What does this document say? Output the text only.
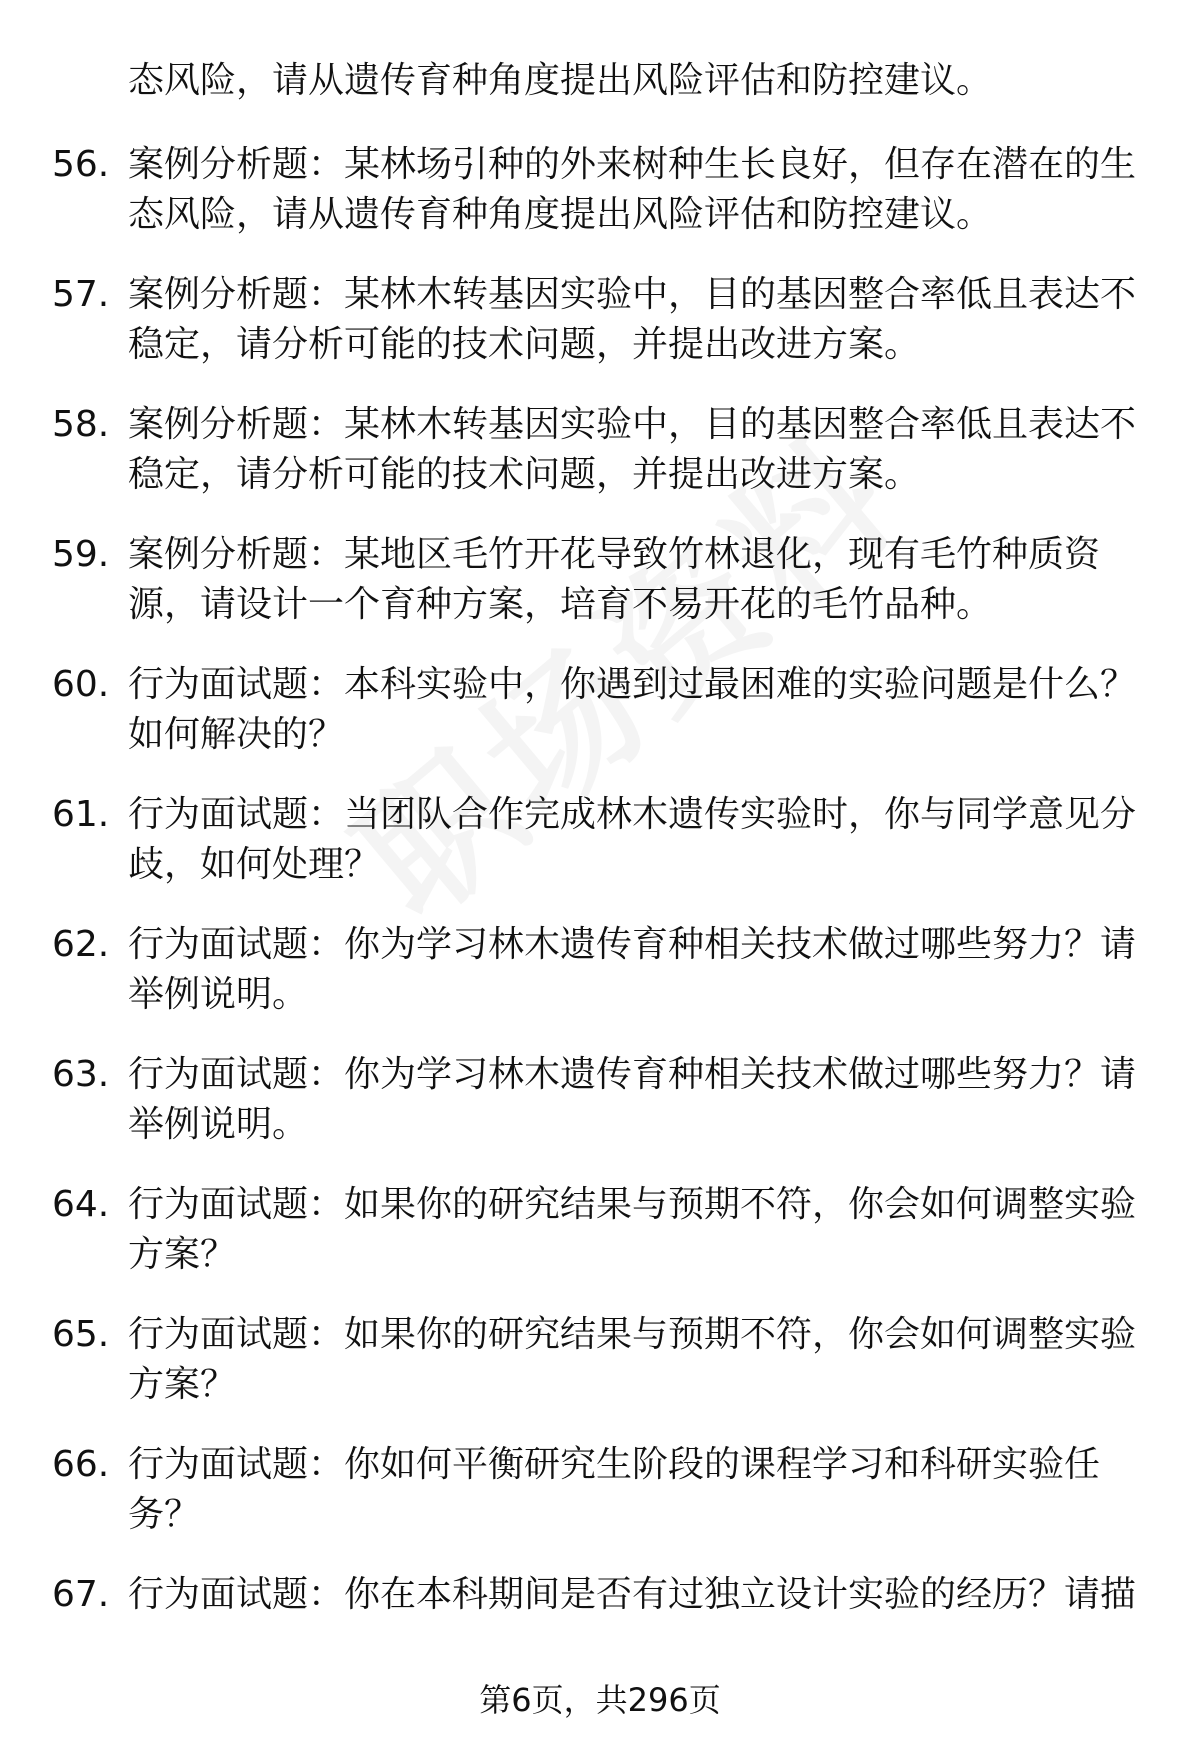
态风险，请从遗传育种角度提出风险评估和防控建议。
56. 案例分析题：某林场引种的外来树种生长良好，但存在潜在的生态风险，请从遗传育种角度提出风险评估和防控建议。
57. 案例分析题：某林木转基因实验中，目的基因整合率低且表达不稳定，请分析可能的技术问题，并提出改进方案。
58. 案例分析题：某林木转基因实验中，目的基因整合率低且表达不稳定，请分析可能的技术问题，并提出改进方案。
59. 案例分析题：某地区毛竹开花导致竹林退化，现有毛竹种质资源，请设计一个育种方案，培育不易开花的毛竹品种。
60. 行为面试题：本科实验中，你遇到过最困难的实验问题是什么？如何解决的？
61. 行为面试题：当团队合作完成林木遗传实验时，你与同学意见分歧，如何处理？
62. 行为面试题：你为学习林木遗传育种相关技术做过哪些努力？请举例说明。
63. 行为面试题：你为学习林木遗传育种相关技术做过哪些努力？请举例说明。
64. 行为面试题：如果你的研究结果与预期不符，你会如何调整实验方案？
65. 行为面试题：如果你的研究结果与预期不符，你会如何调整实验方案？
66. 行为面试题：你如何平衡研究生阶段的课程学习和科研实验任务？
67. 行为面试题：你在本科期间是否有过独立设计实验的经历？请描
第6页，共296页
